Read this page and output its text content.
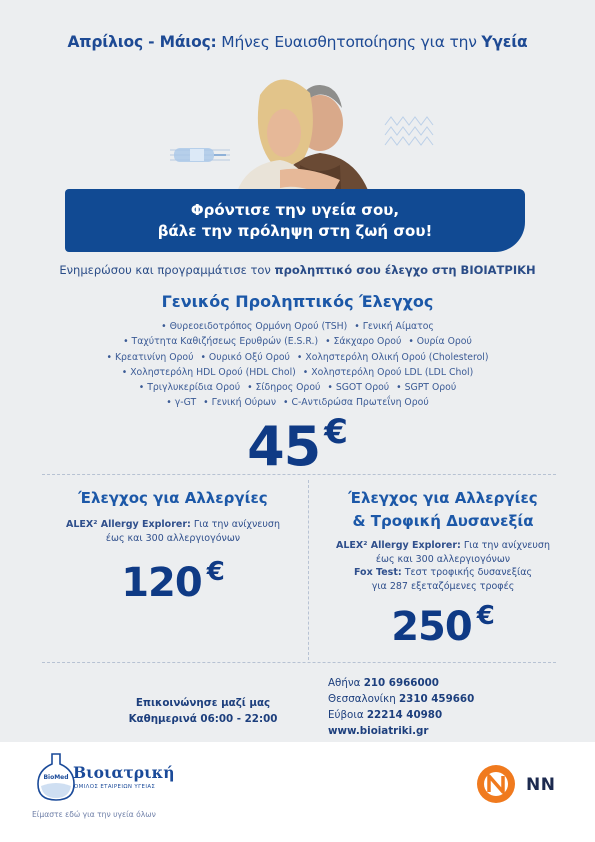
Απρίλιος - Μάιος: Μήνες Ευαισθητοποίησης για την Υγεία
Φρόντισε την υγεία σου,
βάλε την πρόληψη στη ζωή σου!
Ενημερώσου και προγραμμάτισε τον προληπτικό σου έλεγχο στη ΒΙΟΙΑΤΡΙΚΗ
Γενικός Προληπτικός Έλεγχος
• Θυρεοειδοτρόπος Ορμόνη Ορού (TSH) • Γενική Αίματος
• Ταχύτητα Καθιζήσεως Ερυθρών (E.S.R.) • Σάκχαρο Ορού • Ουρία Ορού
• Κρεατινίνη Ορού • Ουρικό Οξύ Ορού • Χοληστερόλη Ολική Ορού (Cholesterol)
• Χοληστερόλη HDL Ορού (HDL Chol) • Χοληστερόλη Ορού LDL (LDL Chol)
• Τριγλυκερίδια Ορού • Σίδηρος Ορού • SGOT Ορού • SGPT Ορού
• γ-GT • Γενική Ούρων • C-Αντιδρώσα Πρωτεΐνη Ορού
45 €
Έλεγχος για Αλλεργίες
ALEX² Allergy Explorer: Για την ανίχνευση
έως και 300 αλλεργιογόνων
120 €
Έλεγχος για Αλλεργίες
& Τροφική Δυσανεξία
ALEX² Allergy Explorer: Για την ανίχνευση
έως και 300 αλλεργιογόνων
Fox Test: Τεστ τροφικής δυσανεξίας
για 287 εξεταζόμενες τροφές
250 €
Επικοινώνησε μαζί μας
Καθημερινά 06:00 - 22:00
Αθήνα 210 6966000
Θεσσαλονίκη 2310 459660
Εύβοια 22214 40980
www.bioiatriki.gr
BioMed Βιοιατρική
ΟΜΙΛΟΣ ΕΤΑΙΡΕΙΩΝ ΥΓΕΙΑΣ
Είμαστε εδώ για την υγεία όλων
NN
